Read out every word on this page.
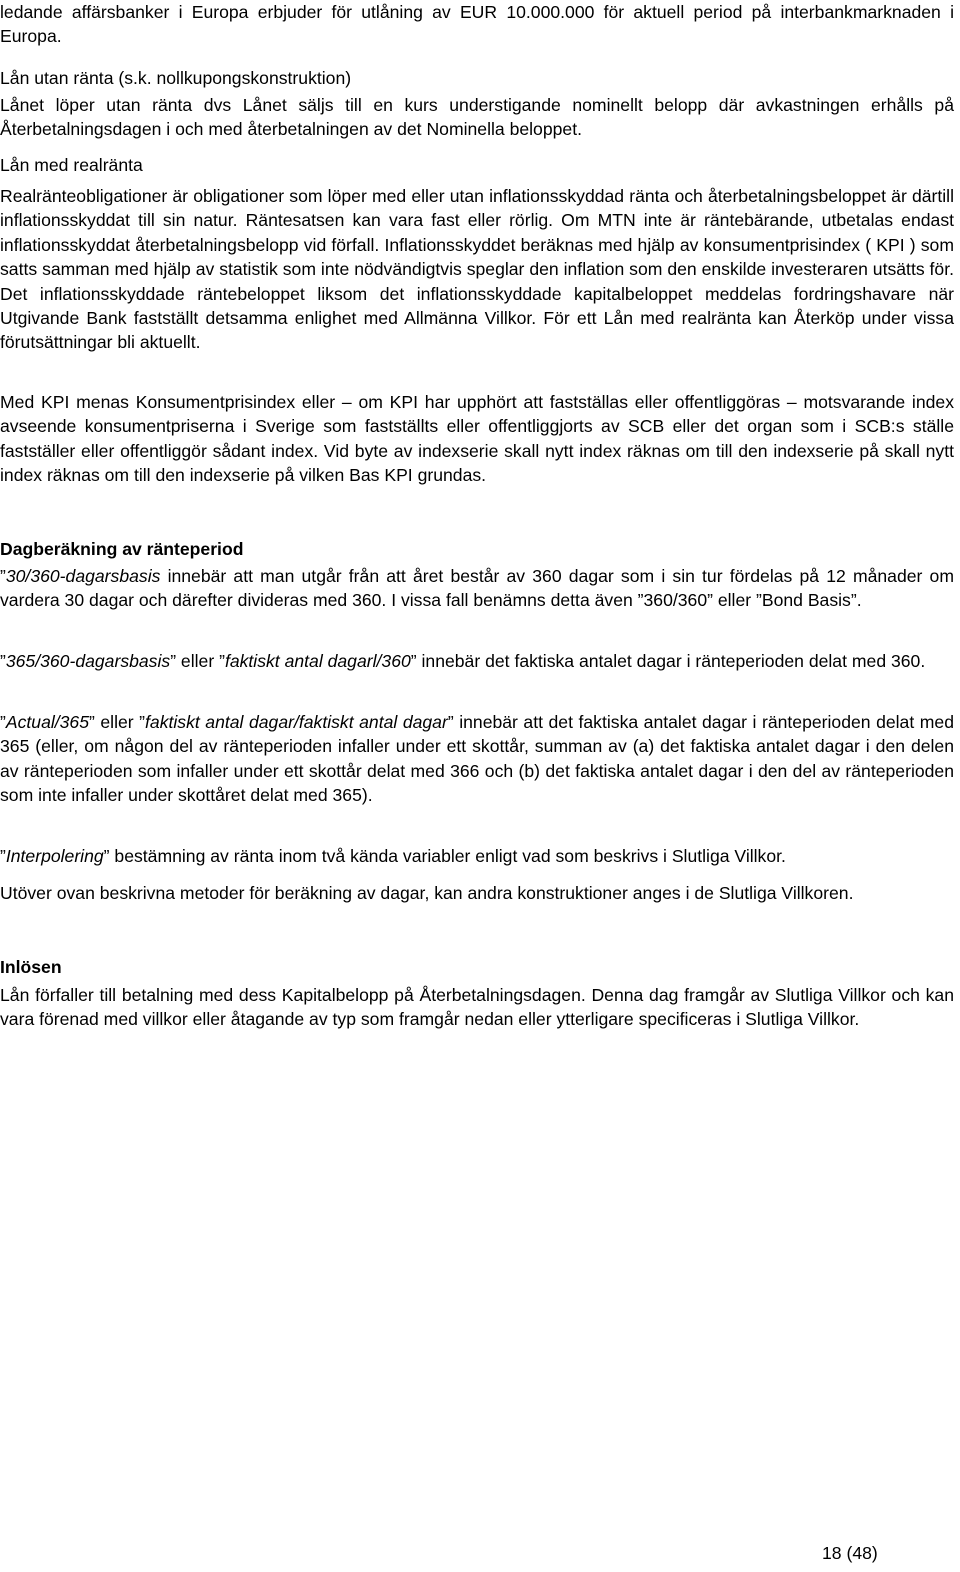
ledande affärsbanker i Europa erbjuder för utlåning av EUR 10.000.000 för aktuell period på interbankmarknaden i Europa.

Lån utan ränta (s.k. nollkupongskonstruktion)

Lånet löper utan ränta dvs Lånet säljs till en kurs understigande nominellt belopp där avkastningen erhålls på Återbetalningsdagen i och med återbetalningen av det Nominella beloppet.

Lån med realränta

Realränteobligationer är obligationer som löper med eller utan inflationsskyddad ränta och återbetalningsbeloppet är därtill inflationsskyddat till sin natur. Räntesatsen kan vara fast eller rörlig. Om MTN inte är räntebärande, utbetalas endast inflationsskyddat återbetalningsbelopp vid förfall. Inflationsskyddet beräknas med hjälp av konsumentprisindex ( KPI ) som satts samman med hjälp av statistik som inte nödvändigtvis speglar den inflation som den enskilde investeraren utsätts för. Det inflationsskyddade räntebeloppet liksom det inflationsskyddade kapitalbeloppet meddelas fordringshavare när Utgivande Bank fastställt detsamma enlighet med Allmänna Villkor. För ett Lån med realränta kan Återköp under vissa förutsättningar bli aktuellt.

Med KPI menas Konsumentprisindex eller – om KPI har upphört att fastställas eller offentliggöras – motsvarande index avseende konsumentpriserna i Sverige som fastställts eller offentliggjorts av SCB eller det organ som i SCB:s ställe fastställer eller offentliggör sådant index. Vid byte av indexserie skall nytt index räknas om till den indexserie på skall nytt index räknas om till den indexserie på vilken Bas KPI grundas.

Dagberäkning av ränteperiod

”30/360-dagarsbasis innebär att man utgår från att året består av 360 dagar som i sin tur fördelas på 12 månader om vardera 30 dagar och därefter divideras med 360. I vissa fall benämns detta även ”360/360” eller ”Bond Basis”.

”365/360-dagarsbasis” eller ”faktiskt antal dagarl/360” innebär det faktiska antalet dagar i ränteperioden delat med 360.

”Actual/365” eller ”faktiskt antal dagar/faktiskt antal dagar” innebär att det faktiska antalet dagar i ränteperioden delat med 365 (eller, om någon del av ränteperioden infaller under ett skottår, summan av (a) det faktiska antalet dagar i den delen av ränteperioden som infaller under ett skottår delat med 366 och (b) det faktiska antalet dagar i den del av ränteperioden som inte infaller under skottåret delat med 365).

”Interpolering” bestämning av ränta inom två kända variabler enligt vad som beskrivs i Slutliga Villkor.

Utöver ovan beskrivna metoder för beräkning av dagar, kan andra konstruktioner anges i de Slutliga Villkoren.

Inlösen

Lån förfaller till betalning med dess Kapitalbelopp på Återbetalningsdagen. Denna dag framgår av Slutliga Villkor och kan vara förenad med villkor eller åtagande av typ som framgår nedan eller ytterligare specificeras i Slutliga Villkor.

18 (48)
